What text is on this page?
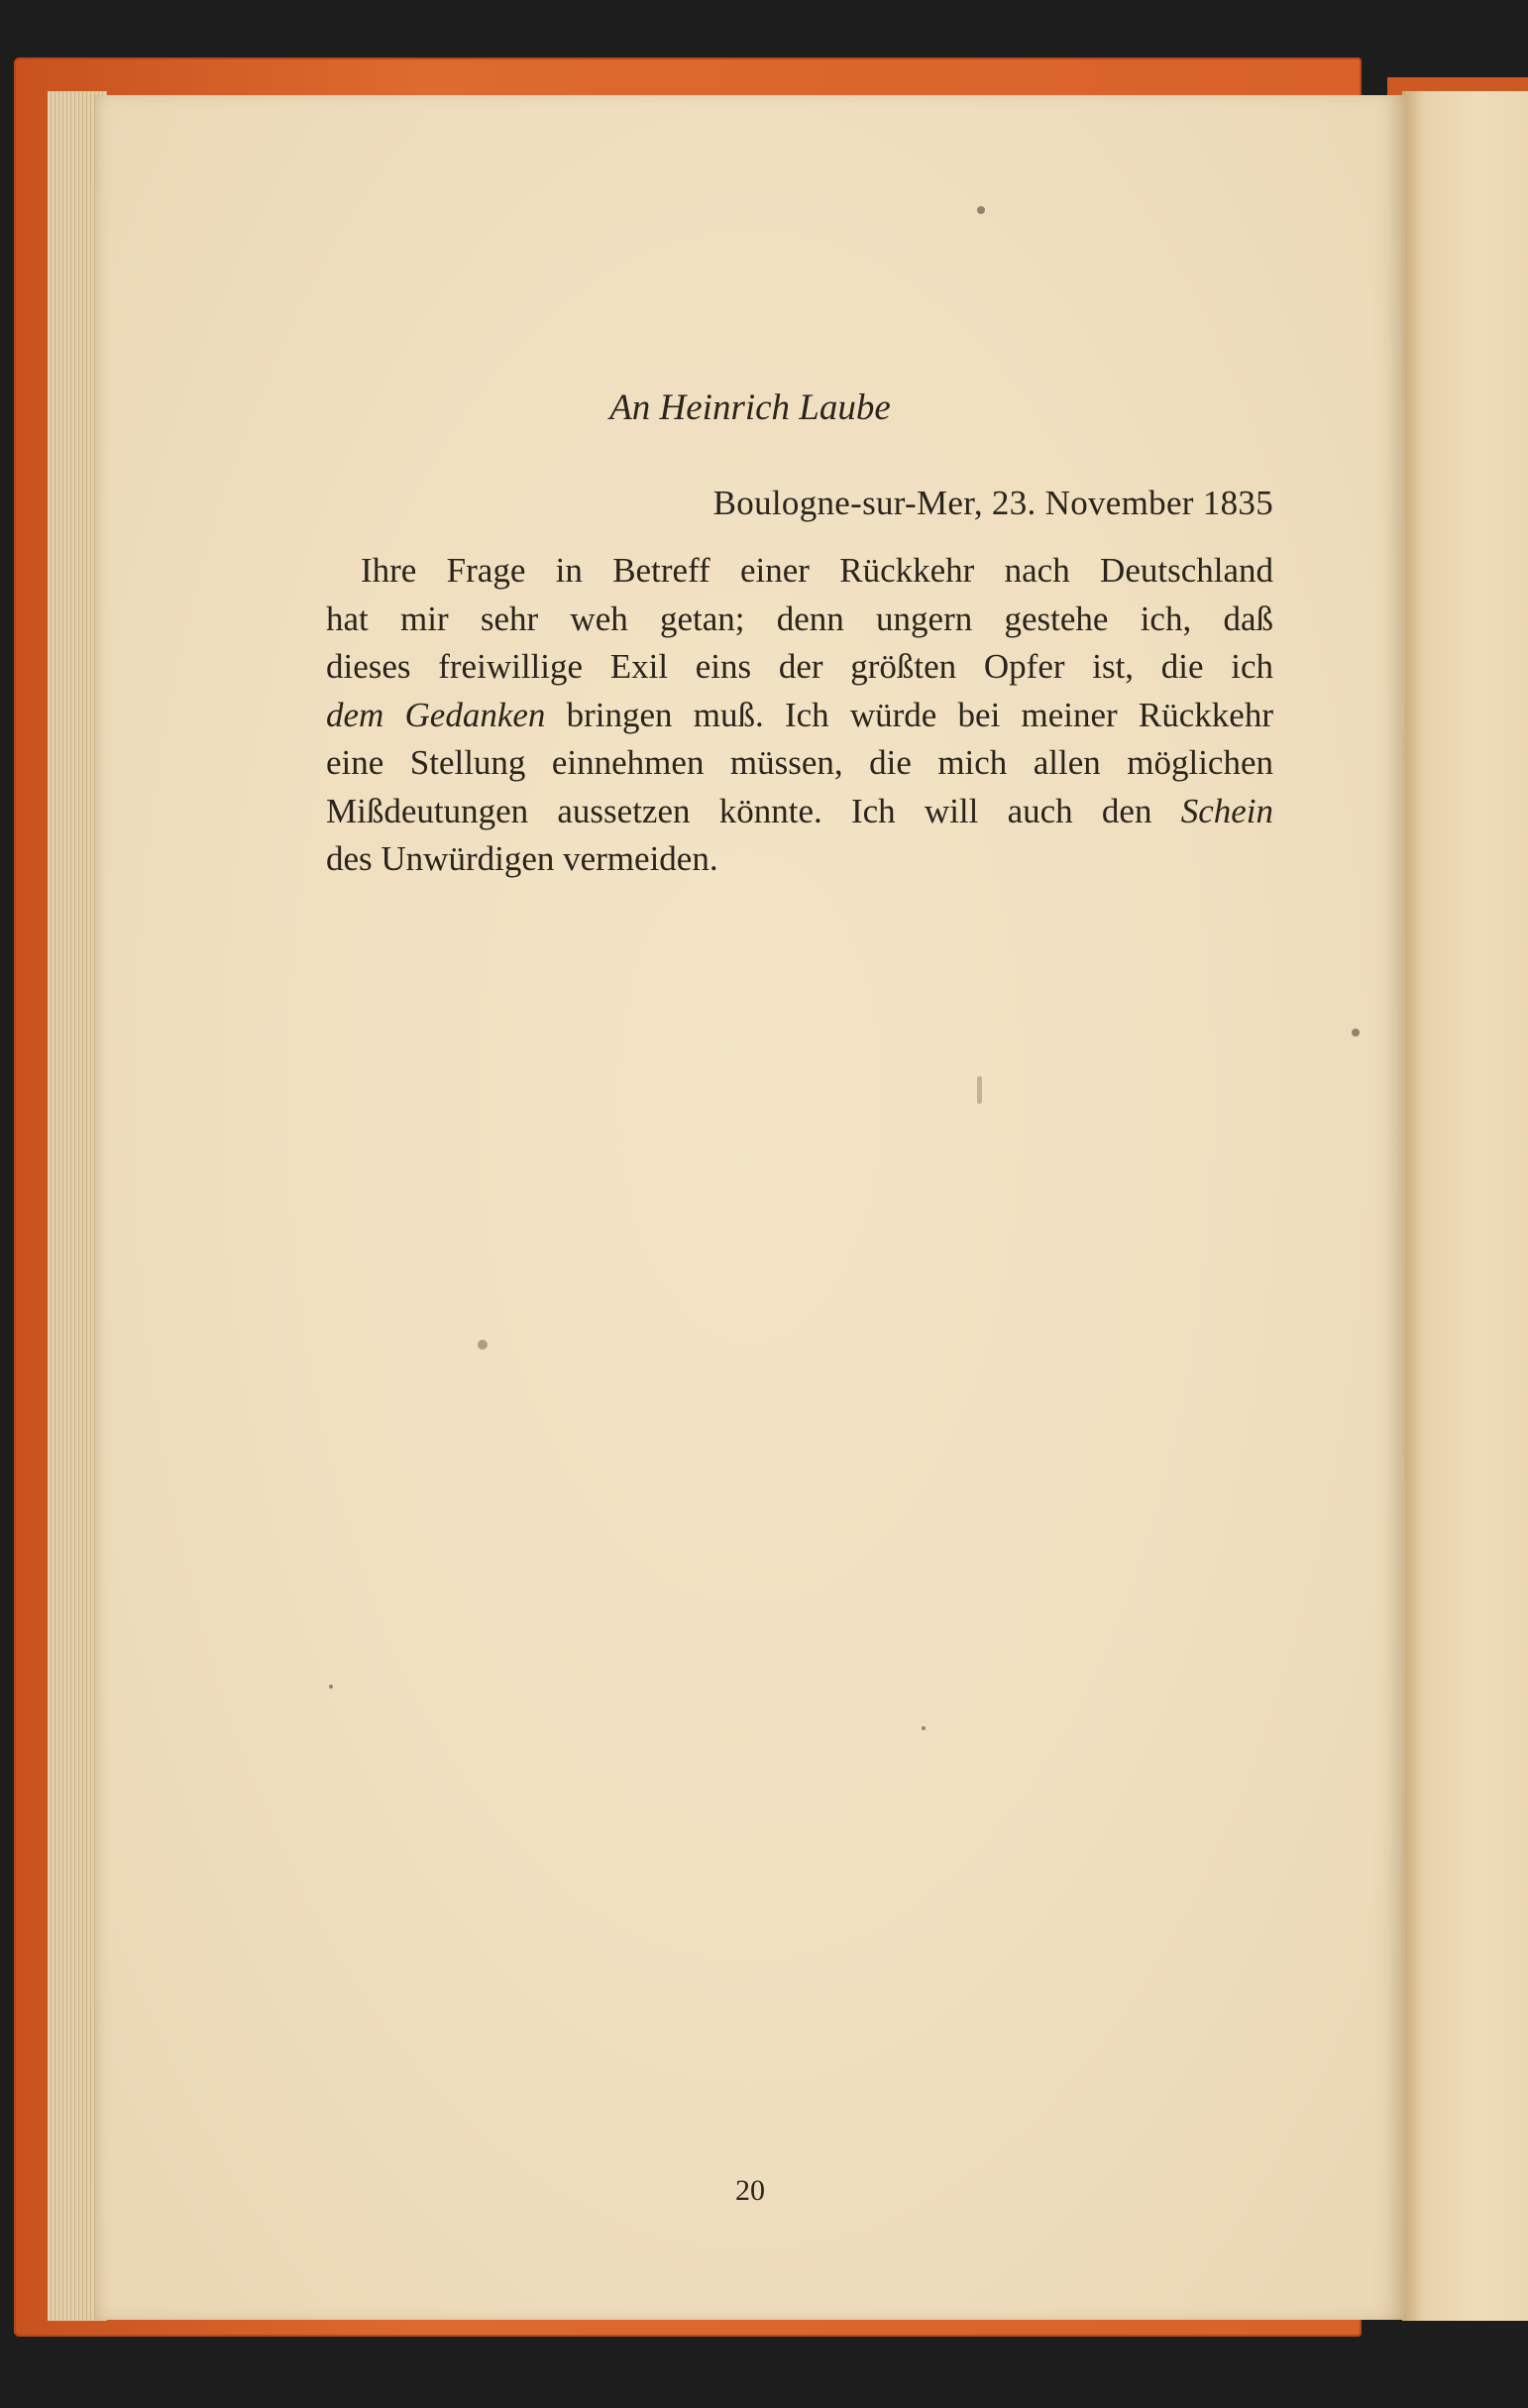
An Heinrich Laube
Boulogne-sur-Mer, 23. November 1835
Ihre Frage in Betreff einer Rückkehr nach Deutschland
hat mir sehr weh getan; denn ungern gestehe ich, daß
dieses freiwillige Exil eins der größten Opfer ist, die ich
dem Gedanken bringen muß. Ich würde bei meiner Rückkehr
eine Stellung einnehmen müssen, die mich allen möglichen
Mißdeutungen aussetzen könnte. Ich will auch den Schein
des Unwürdigen vermeiden.
20
